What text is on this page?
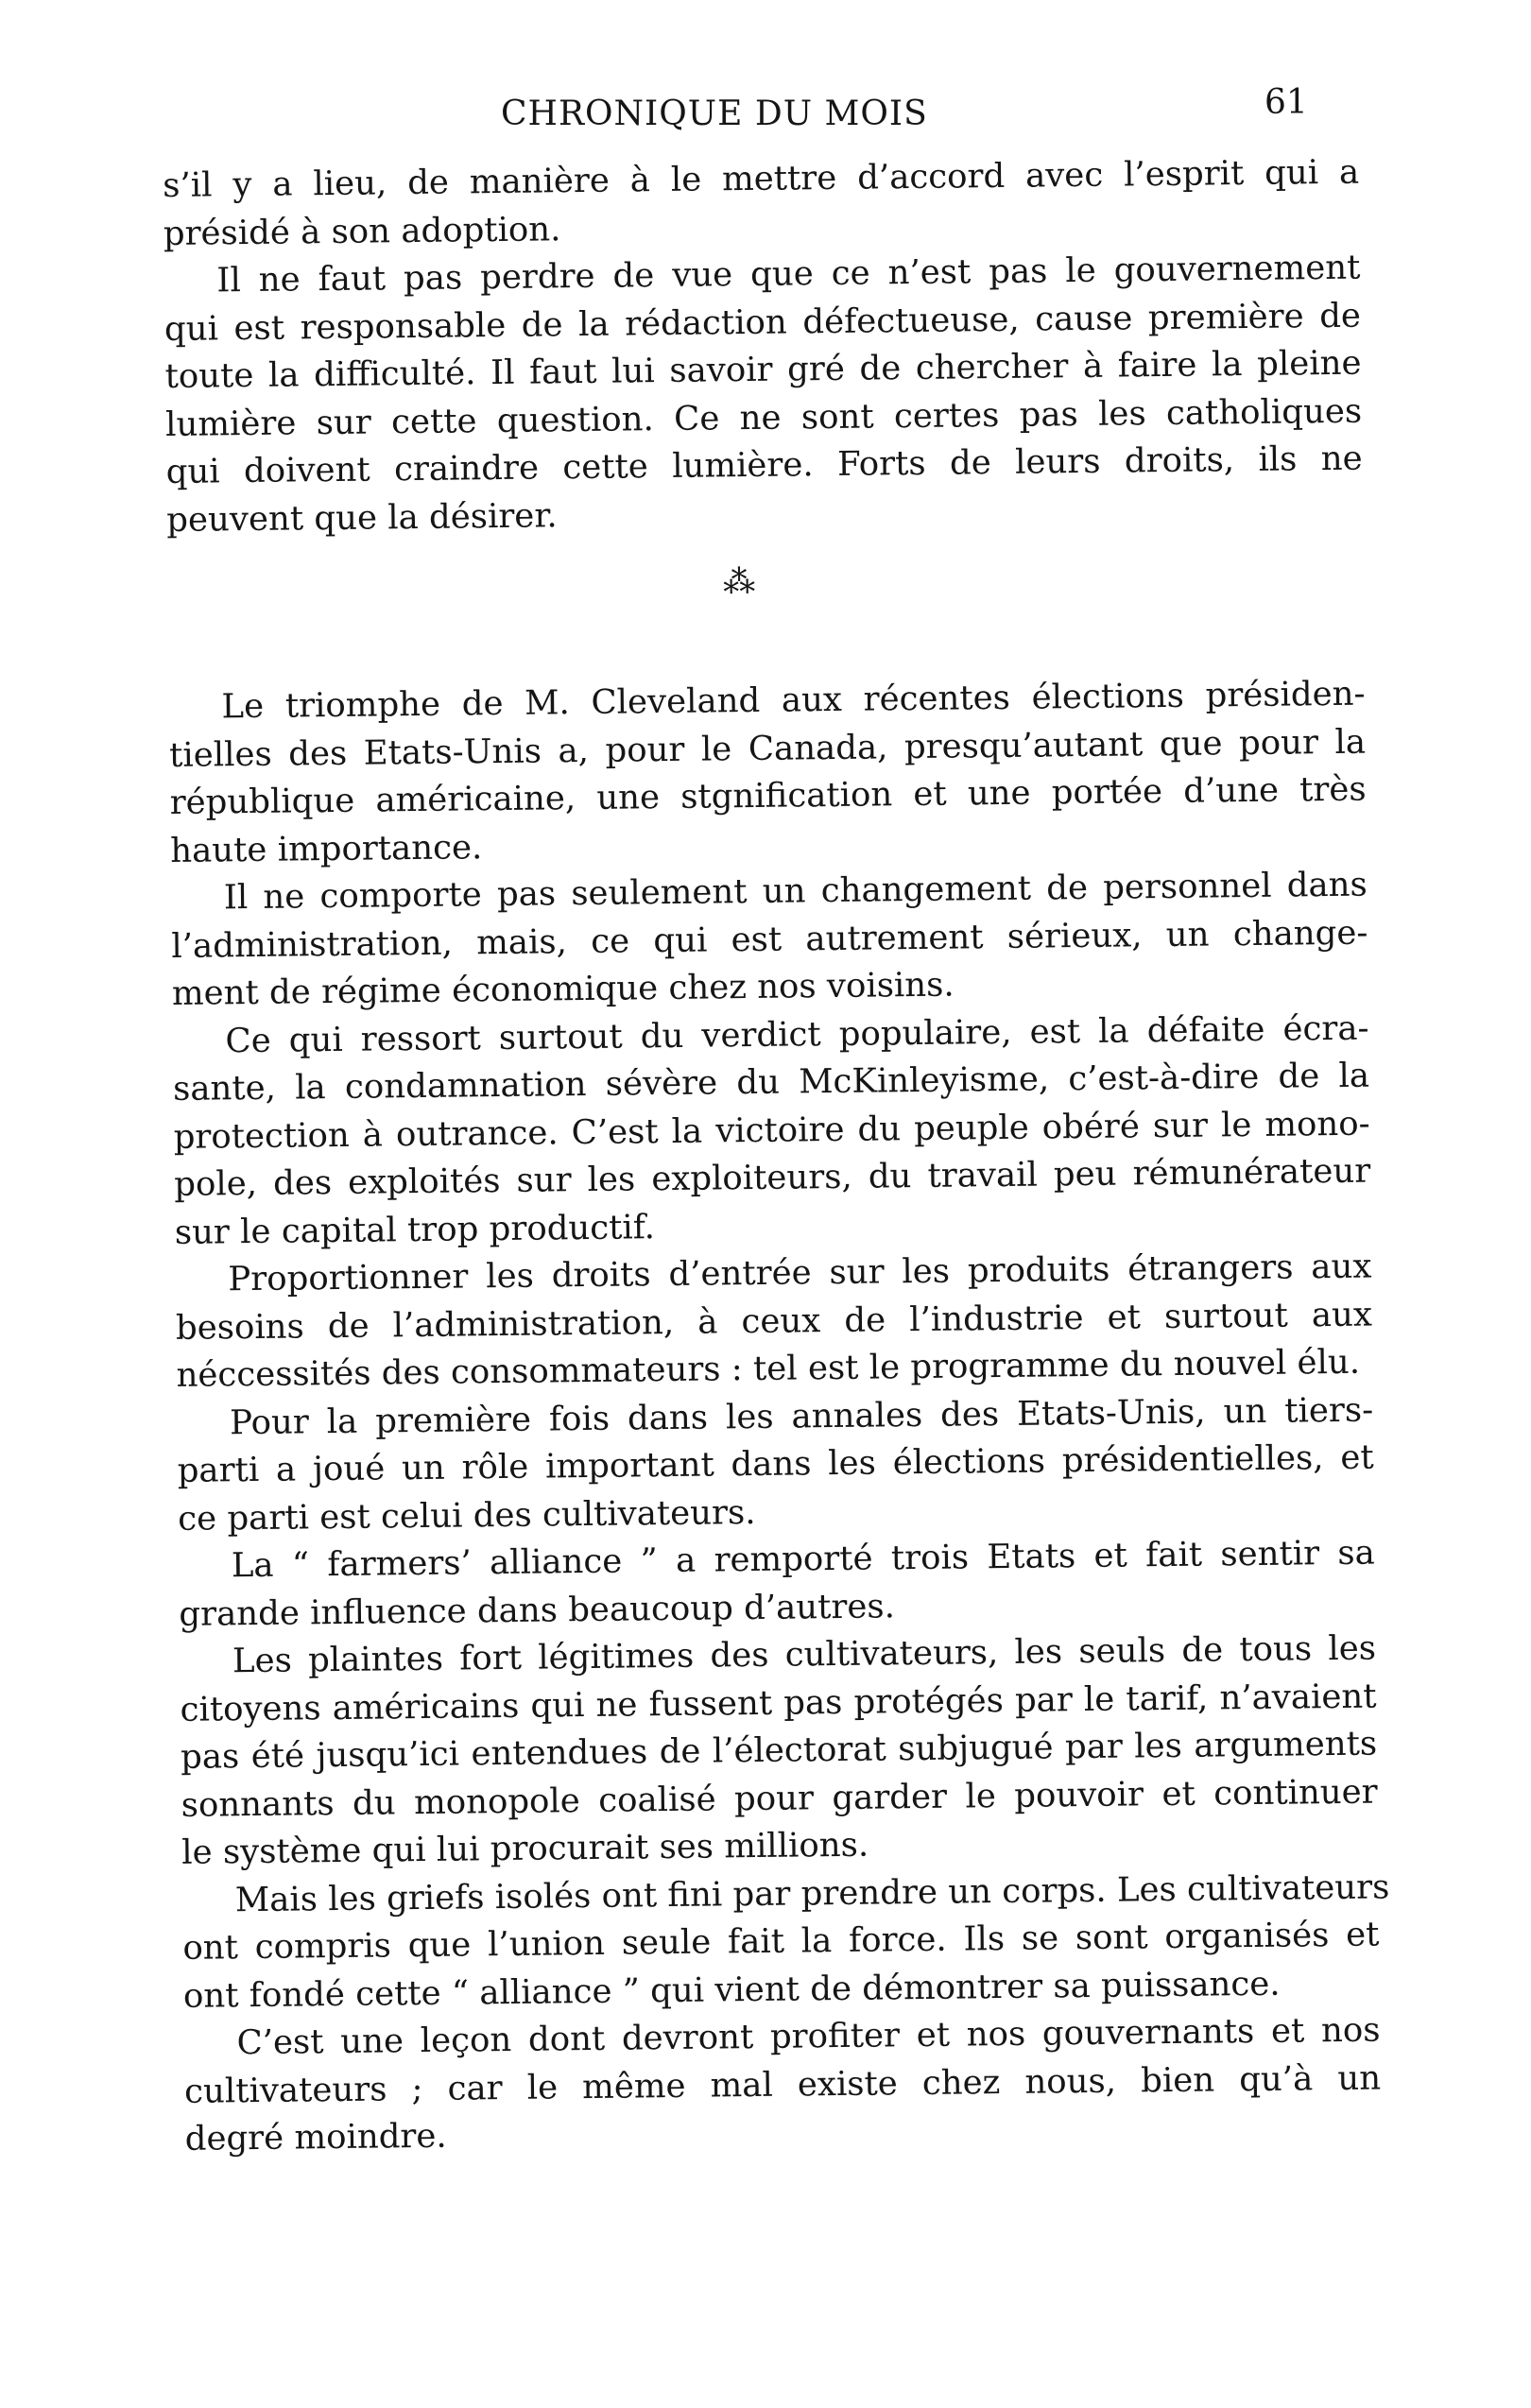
CHRONIQUE DU MOIS	61
s’il y a lieu, de manière à le mettre d’accord avec l’esprit qui a
présidé à son adoption.
Il ne faut pas perdre de vue que ce n’est pas le gouvernement
qui est responsable de la rédaction défectueuse, cause première de
toute la difficulté. Il faut lui savoir gré de chercher à faire la pleine
lumière sur cette question. Ce ne sont certes pas les catholiques
qui doivent craindre cette lumière. Forts de leurs droits, ils ne
peuvent que la désirer.
⁂
Le triomphe de M. Cleveland aux récentes élections présiden-
tielles des Etats-Unis a, pour le Canada, presqu’autant que pour la
république américaine, une stgnification et une portée d’une très
haute importance.
Il ne comporte pas seulement un changement de personnel dans
l’administration, mais, ce qui est autrement sérieux, un change-
ment de régime économique chez nos voisins.
Ce qui ressort surtout du verdict populaire, est la défaite écra-
sante, la condamnation sévère du McKinleyisme, c’est-à-dire de la
protection à outrance. C’est la victoire du peuple obéré sur le mono-
pole, des exploités sur les exploiteurs, du travail peu rémunérateur
sur le capital trop productif.
Proportionner les droits d’entrée sur les produits étrangers aux
besoins de l’administration, à ceux de l’industrie et surtout aux
néccessités des consommateurs : tel est le programme du nouvel élu.
Pour la première fois dans les annales des Etats-Unis, un tiers-
parti a joué un rôle important dans les élections présidentielles, et
ce parti est celui des cultivateurs.
La “ farmers’ alliance ” a remporté trois Etats et fait sentir sa
grande influence dans beaucoup d’autres.
Les plaintes fort légitimes des cultivateurs, les seuls de tous les
citoyens américains qui ne fussent pas protégés par le tarif, n’avaient
pas été jusqu’ici entendues de l’électorat subjugué par les arguments
sonnants du monopole coalisé pour garder le pouvoir et continuer
le système qui lui procurait ses millions.
Mais les griefs isolés ont fini par prendre un corps. Les cultivateurs
ont compris que l’union seule fait la force. Ils se sont organisés et
ont fondé cette “ alliance ” qui vient de démontrer sa puissance.
C’est une leçon dont devront profiter et nos gouvernants et nos
cultivateurs ; car le même mal existe chez nous, bien qu’à un
degré moindre.
